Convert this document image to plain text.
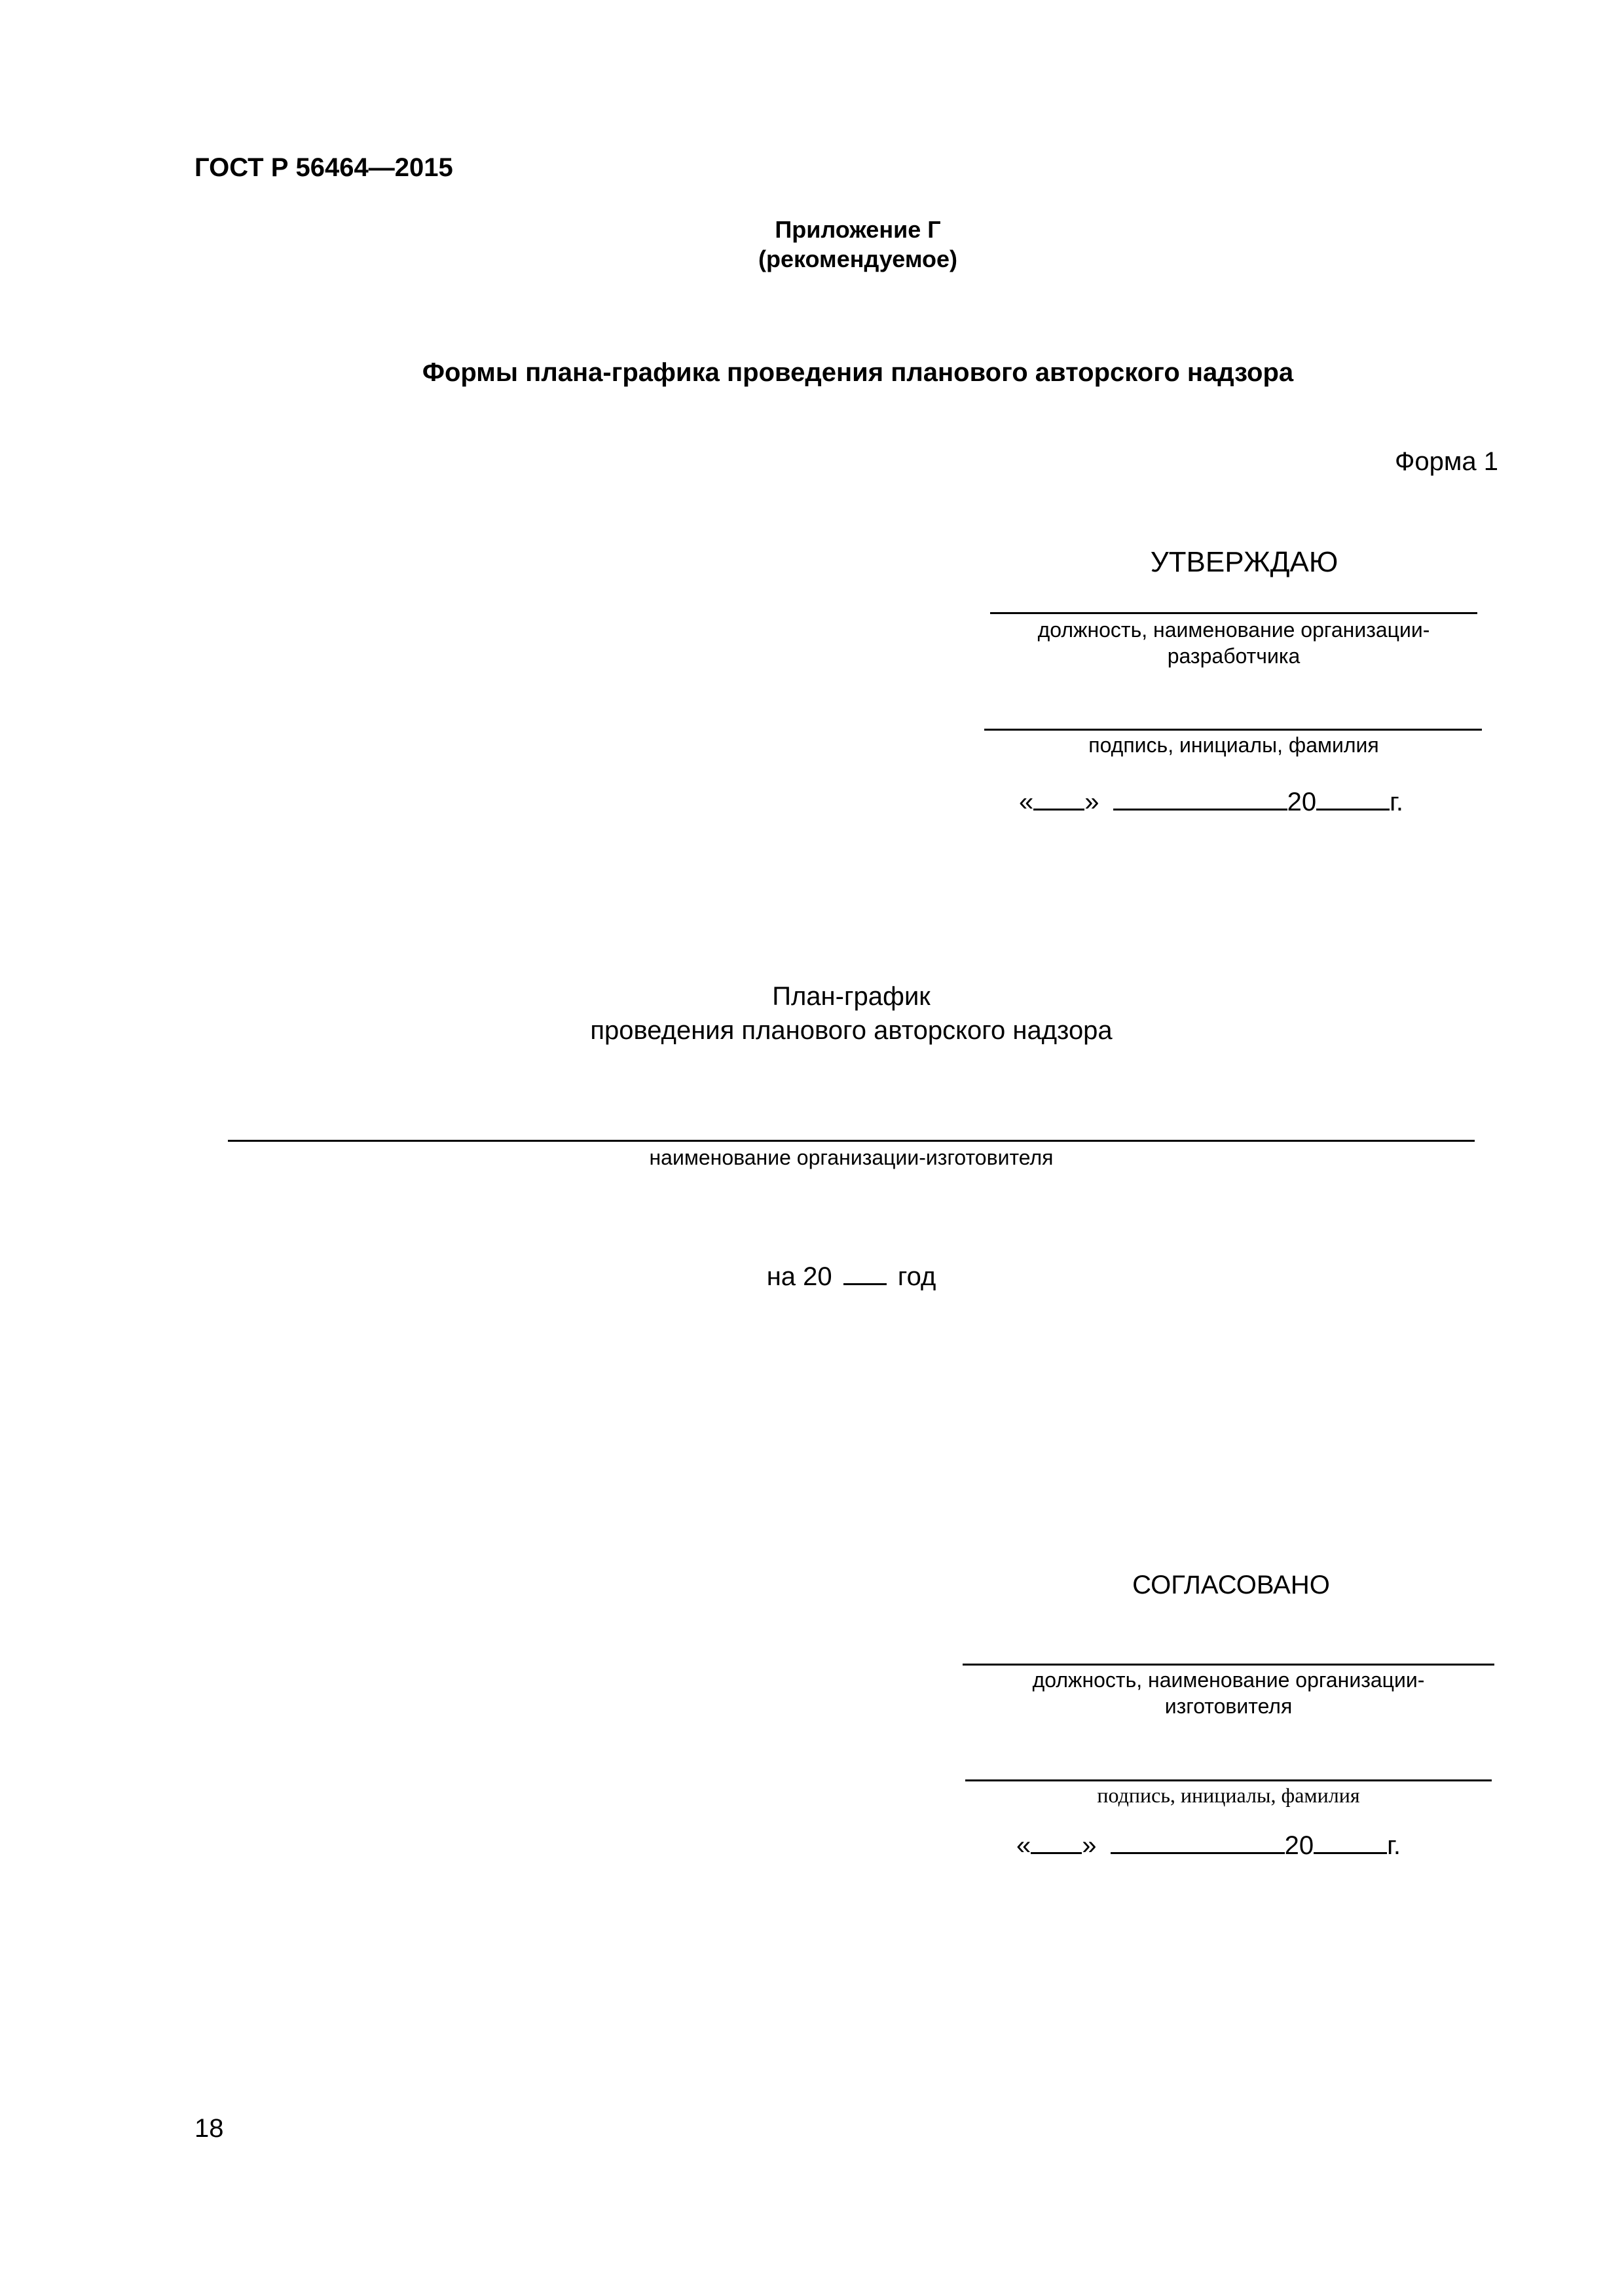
ГОСТ Р 56464—2015
Приложение Г
(рекомендуемое)
Формы плана-графика проведения планового авторского надзора
Форма 1
УТВЕРЖДАЮ
должность, наименование организации-
разработчика
подпись, инициалы, фамилия
« »	20	г.
План-график
проведения планового авторского надзора
наименование организации-изготовителя
на 20	год
СОГЛАСОВАНО
должность, наименование организации-
изготовителя
подпись, инициалы, фамилия
« »	20	г.
18
